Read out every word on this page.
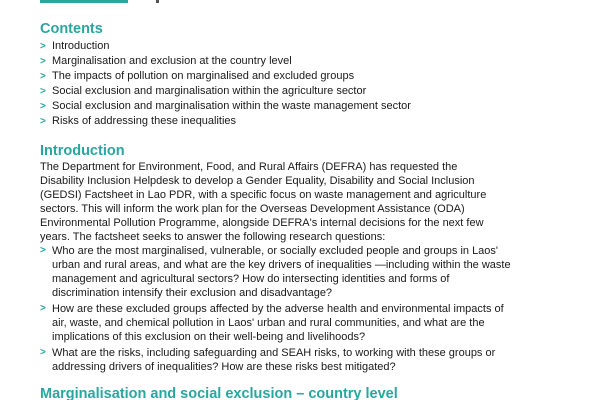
Contents
> Introduction
> Marginalisation and exclusion at the country level
> The impacts of pollution on marginalised and excluded groups
> Social exclusion and marginalisation within the agriculture sector
> Social exclusion and marginalisation within the waste management sector
> Risks of addressing these inequalities
Introduction

The Department for Environment, Food, and Rural Affairs (DEFRA) has requested the
Disability Inclusion Helpdesk to develop a Gender Equality, Disability and Social Inclusion
(GEDSI) Factsheet in Lao PDR, with a specific focus on waste management and agriculture
sectors. This will inform the work plan for the Overseas Development Assistance (ODA)
Environmental Pollution Programme, alongside DEFRA's internal decisions for the next few
years. The factsheet seeks to answer the following research questions:

> Who are the most marginalised, vulnerable, or socially excluded people and groups in Laos'
urban and rural areas, and what are the key drivers of inequalities —including within the waste
management and agricultural sectors? How do intersecting identities and forms of
discrimination intensify their exclusion and disadvantage?
> How are these excluded groups affected by the adverse health and environmental impacts of
air, waste, and chemical pollution in Laos' urban and rural communities, and what are the
implications of this exclusion on their well-being and livelihoods?
> What are the risks, including safeguarding and SEAH risks, to working with these groups or
addressing drivers of inequalities? How are these risks best mitigated?
Marginalisation and social exclusion – country level
